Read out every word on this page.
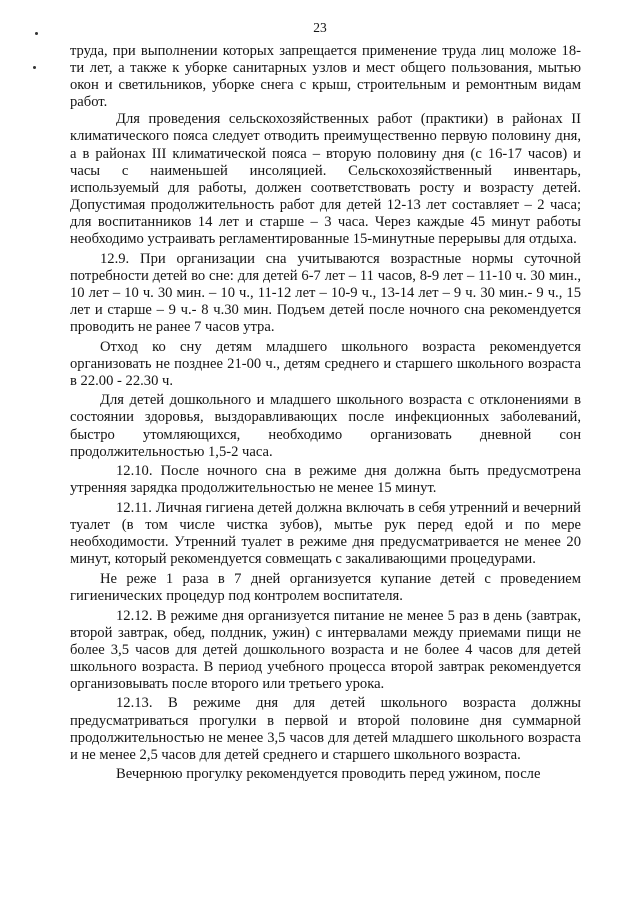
23

труда, при выполнении которых запрещается применение труда лиц моложе 18-ти лет, а также к уборке санитарных узлов и мест общего пользования, мытью окон и светильников, уборке снега с крыш, строительным и ремонтным видам работ.

Для проведения сельскохозяйственных работ (практики) в районах II климатического пояса следует отводить преимущественно первую половину дня, а в районах III климатической пояса – вторую половину дня (с 16-17 часов) и часы с наименьшей инсоляцией. Сельскохозяйственный инвентарь, используемый для работы, должен соответствовать росту и возрасту детей. Допустимая продолжительность работ для детей 12-13 лет составляет – 2 часа; для воспитанников 14 лет и старше – 3 часа. Через каждые 45 минут работы необходимо устраивать регламентированные 15-минутные перерывы для отдыха.

12.9. При организации сна учитываются возрастные нормы суточной потребности детей во сне: для детей 6-7 лет – 11 часов, 8-9 лет – 11-10 ч. 30 мин., 10 лет – 10 ч. 30 мин. – 10 ч., 11-12 лет – 10-9 ч., 13-14 лет – 9 ч. 30 мин.- 9 ч., 15 лет и старше – 9 ч.- 8 ч.30 мин. Подъем детей после ночного сна рекомендуется проводить не ранее 7 часов утра.

Отход ко сну детям младшего школьного возраста рекомендуется организовать не позднее 21-00 ч., детям среднего и старшего школьного возраста в 22.00 - 22.30 ч.

Для детей дошкольного и младшего школьного возраста с отклонениями в состоянии здоровья, выздоравливающих после инфекционных заболеваний, быстро утомляющихся, необходимо организовать дневной сон продолжительностью 1,5-2 часа.

12.10. После ночного сна в режиме дня должна быть предусмотрена утренняя зарядка продолжительностью не менее 15 минут.

12.11. Личная гигиена детей должна включать в себя утренний и вечерний туалет (в том числе чистка зубов), мытье рук перед едой и по мере необходимости. Утренний туалет в режиме дня предусматривается не менее 20 минут, который рекомендуется совмещать с закаливающими процедурами.

Не реже 1 раза в 7 дней организуется купание детей с проведением гигиенических процедур под контролем воспитателя.

12.12. В режиме дня организуется питание не менее 5 раз в день (завтрак, второй завтрак, обед, полдник, ужин) с интервалами между приемами пищи не более 3,5 часов для детей дошкольного возраста и не более 4 часов для детей школьного возраста. В период учебного процесса второй завтрак рекомендуется организовывать после второго или третьего урока.

12.13. В режиме дня для детей школьного возраста должны предусматриваться прогулки в первой и второй половине дня суммарной продолжительностью не менее 3,5 часов для детей младшего школьного возраста и не менее 2,5 часов для детей среднего и старшего школьного возраста.

Вечернюю прогулку рекомендуется проводить перед ужином, после
